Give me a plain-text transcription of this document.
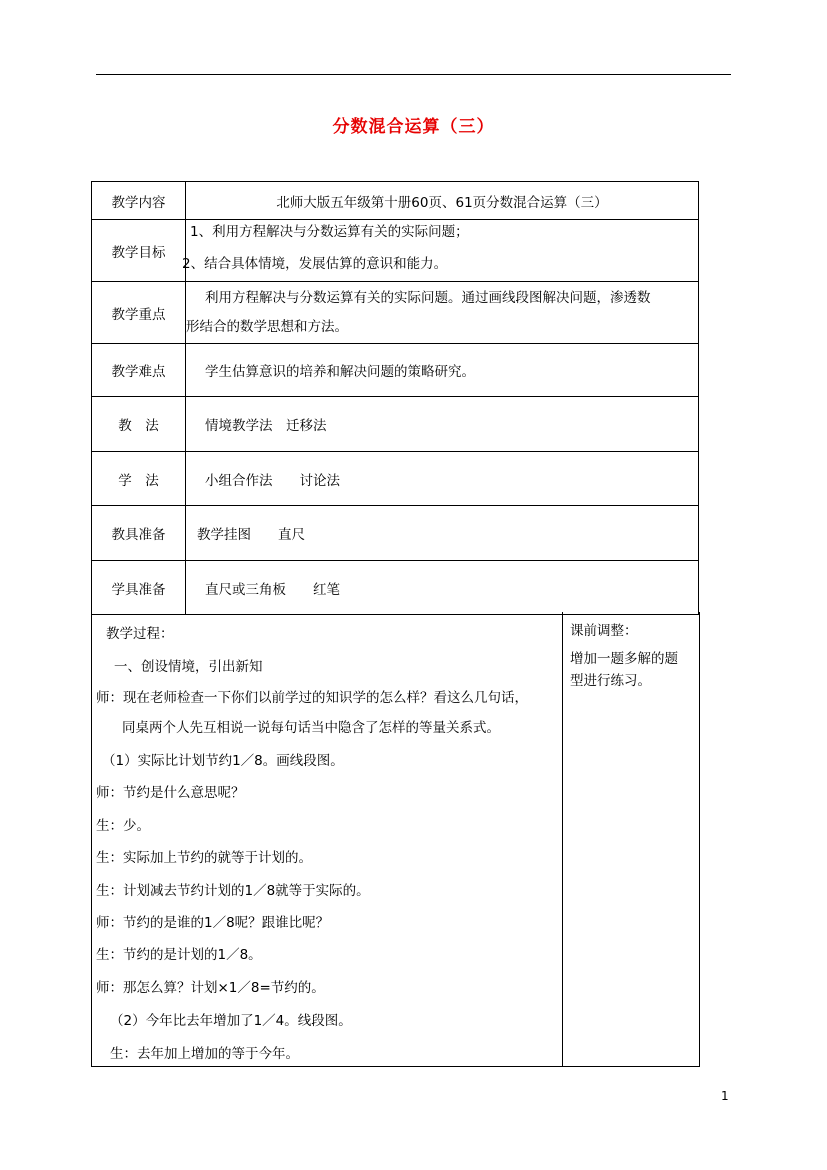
分数混合运算（三）
教学内容	北师大版五年级第十册60页、61页分数混合运算（三）
教学目标	1、利用方程解决与分数运算有关的实际问题；
2、结合具体情境，发展估算的意识和能力。

教学重点	利用方程解决与分数运算有关的实际问题。通过画线段图解决问题，渗透数
形结合的数学思想和方法。

教学难点	学生估算意识的培养和解决问题的策略研究。
教　法	情境教学法　迁移法
学　法	小组合作法　　讨论法
教具准备	教学挂图　　直尺
学具准备	直尺或三角板　　红笔
教学过程：
一、创设情境，引出新知
师：现在老师检查一下你们以前学过的知识学的怎么样？看这么几句话，
同桌两个人先互相说一说每句话当中隐含了怎样的等量关系式。
（1）实际比计划节约1／8。画线段图。
师：节约是什么意思呢？
生：少。
生：实际加上节约的就等于计划的。
生：计划减去节约计划的1／8就等于实际的。
师：节约的是谁的1／8呢？跟谁比呢？
生：节约的是计划的1／8。
师：那怎么算？计划×1／8=节约的。
（2）今年比去年增加了1／4。线段图。
生：去年加上增加的等于今年。
课前调整：
增加一题多解的题
型进行练习。
1
